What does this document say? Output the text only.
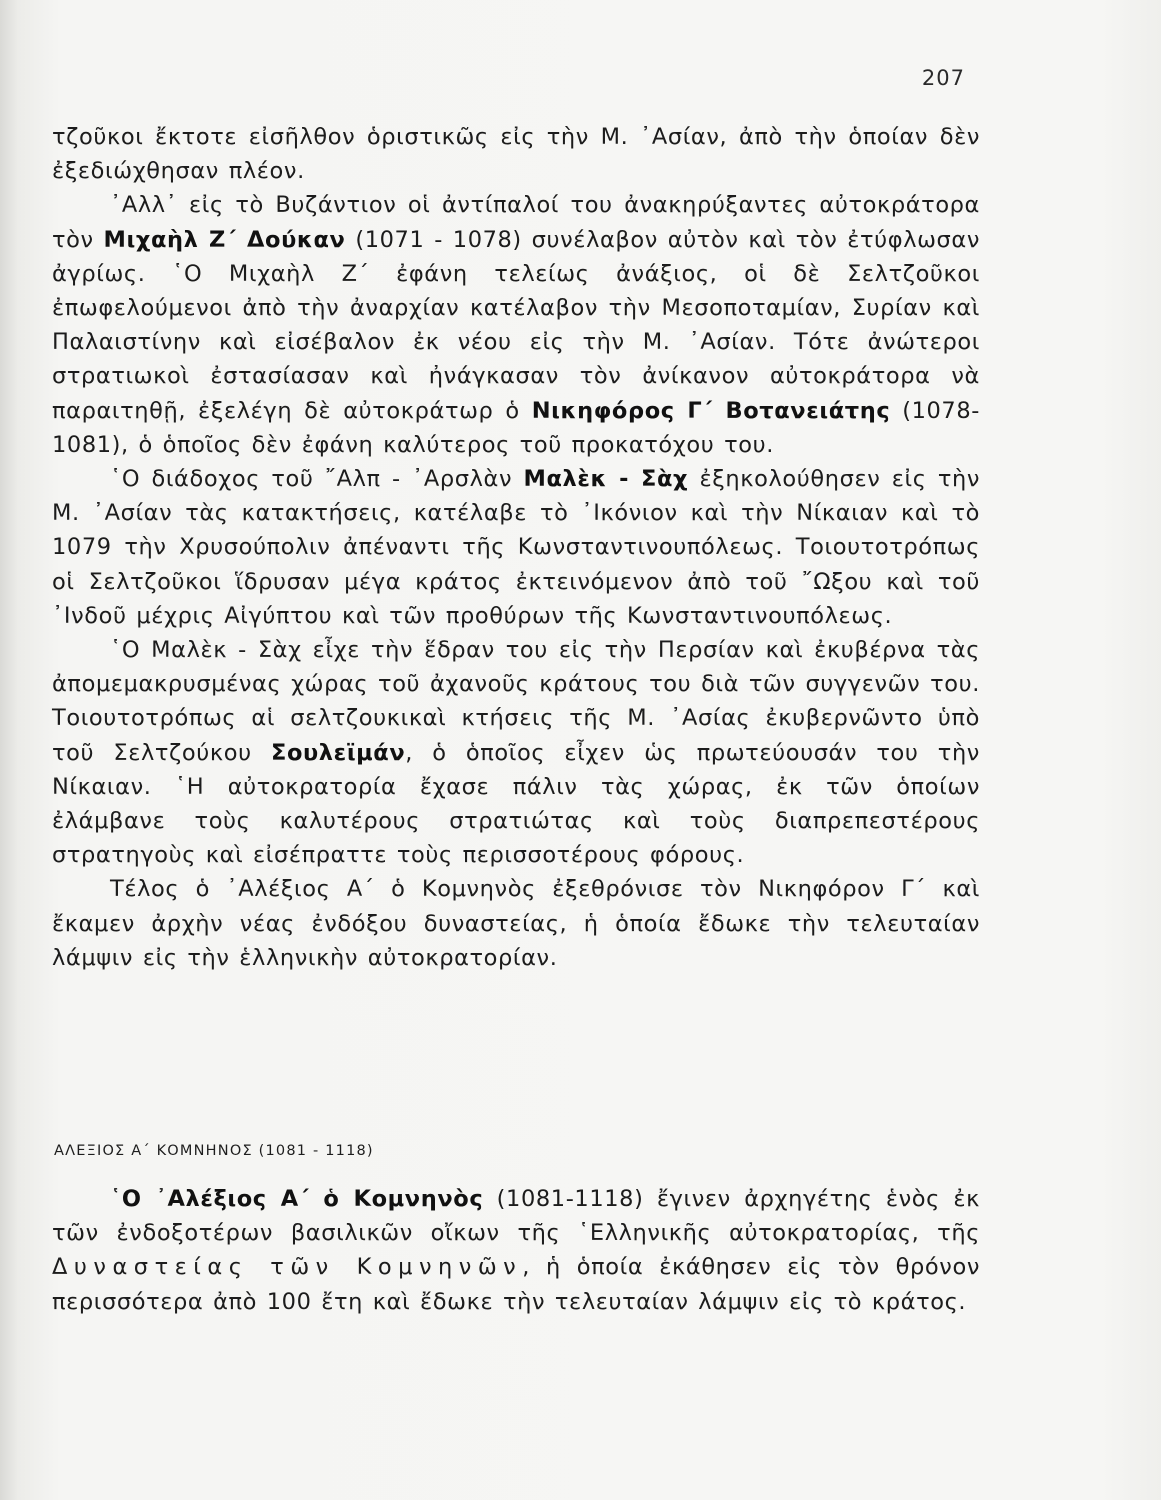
207

τζοῦκοι ἔκτοτε εἰσῆλθον ὁριστικῶς εἰς τὴν Μ. ᾿Ασίαν, ἀπὸ τὴν ὁποίαν δὲν ἐξεδιώχθησαν πλέον.

᾿Αλλ᾿ εἰς τὸ Βυζάντιον οἱ ἀντίπαλοί του ἀνακηρύξαντες αὐτοκράτορα τὸν Μιχαὴλ Ζ΄ Δούκαν (1071 - 1078) συνέλαβον αὐτὸν καὶ τὸν ἐτύφλωσαν ἀγρίως. ῾Ο Μιχαὴλ Ζ΄ ἐφάνη τελείως ἀνάξιος, οἱ δὲ Σελτζοῦκοι ἐπωφελούμενοι ἀπὸ τὴν ἀναρχίαν κατέλαβον τὴν Μεσοποταμίαν, Συρίαν καὶ Παλαιστίνην καὶ εἰσέβαλον ἐκ νέου εἰς τὴν Μ. ᾿Ασίαν. Τότε ἀνώτεροι στρατιωκοὶ ἐστασίασαν καὶ ἠνάγκασαν τὸν ἀνίκανον αὐτοκράτορα νὰ παραιτηθῇ, ἐξελέγη δὲ αὐτοκράτωρ ὁ Νικηφόρος Γ΄ Βοτανειάτης (1078-1081), ὁ ὁποῖος δὲν ἐφάνη καλύτερος τοῦ προκατόχου του.

῾Ο διάδοχος τοῦ ῎Αλπ - ᾿Αρσλὰν Μαλὲκ - Σὰχ ἐξηκολούθησεν εἰς τὴν Μ. ᾿Ασίαν τὰς κατακτήσεις, κατέλαβε τὸ ᾿Ικόνιον καὶ τὴν Νίκαιαν καὶ τὸ 1079 τὴν Χρυσούπολιν ἀπέναντι τῆς Κωνσταντινουπόλεως. Τοιουτοτρόπως οἱ Σελτζοῦκοι ἵδρυσαν μέγα κράτος ἐκτεινόμενον ἀπὸ τοῦ ῎Ωξου καὶ τοῦ ᾿Ινδοῦ μέχρις Αἰγύπτου καὶ τῶν προθύρων τῆς Κωνσταντινουπόλεως.

῾Ο Μαλὲκ - Σὰχ εἶχε τὴν ἕδραν του εἰς τὴν Περσίαν καὶ ἐκυβέρνα τὰς ἀπομεμακρυσμένας χώρας τοῦ ἀχανοῦς κράτους του διὰ τῶν συγγενῶν του. Τοιουτοτρόπως αἱ σελτζουκικαὶ κτήσεις τῆς Μ. ᾿Ασίας ἐκυβερνῶντο ὑπὸ τοῦ Σελτζούκου Σουλεϊμάν, ὁ ὁποῖος εἶχεν ὡς πρωτεύουσάν του τὴν Νίκαιαν. ῾Η αὐτοκρατορία ἔχασε πάλιν τὰς χώρας, ἐκ τῶν ὁποίων ἐλάμβανε τοὺς καλυτέρους στρατιώτας καὶ τοὺς διαπρεπεστέρους στρατηγοὺς καὶ εἰσέπραττε τοὺς περισσοτέρους φόρους.

Τέλος ὁ ᾿Αλέξιος Α΄ ὁ Κομνηνὸς ἐξεθρόνισε τὸν Νικηφόρον Γ΄ καὶ ἔκαμεν ἀρχὴν νέας ἐνδόξου δυναστείας, ἡ ὁποία ἔδωκε τὴν τελευταίαν λάμψιν εἰς τὴν ἑλληνικὴν αὐτοκρατορίαν.

ΑΛΕΞΙΟΣ Α΄ ΚΟΜΝΗΝΟΣ (1081 - 1118)

῾Ο ᾿Αλέξιος Α΄ ὁ Κομνηνὸς (1081-1118) ἔγινεν ἀρχηγέτης ἑνὸς ἐκ τῶν ἐνδοξοτέρων βασιλικῶν οἴκων τῆς ῾Ελληνικῆς αὐτοκρατορίας, τῆς Δυναστείας τῶν Κομνηνῶν, ἡ ὁποία ἐκάθησεν εἰς τὸν θρόνον περισσότερα ἀπὸ 100 ἔτη καὶ ἔδωκε τὴν τελευταίαν λάμψιν εἰς τὸ κράτος.
